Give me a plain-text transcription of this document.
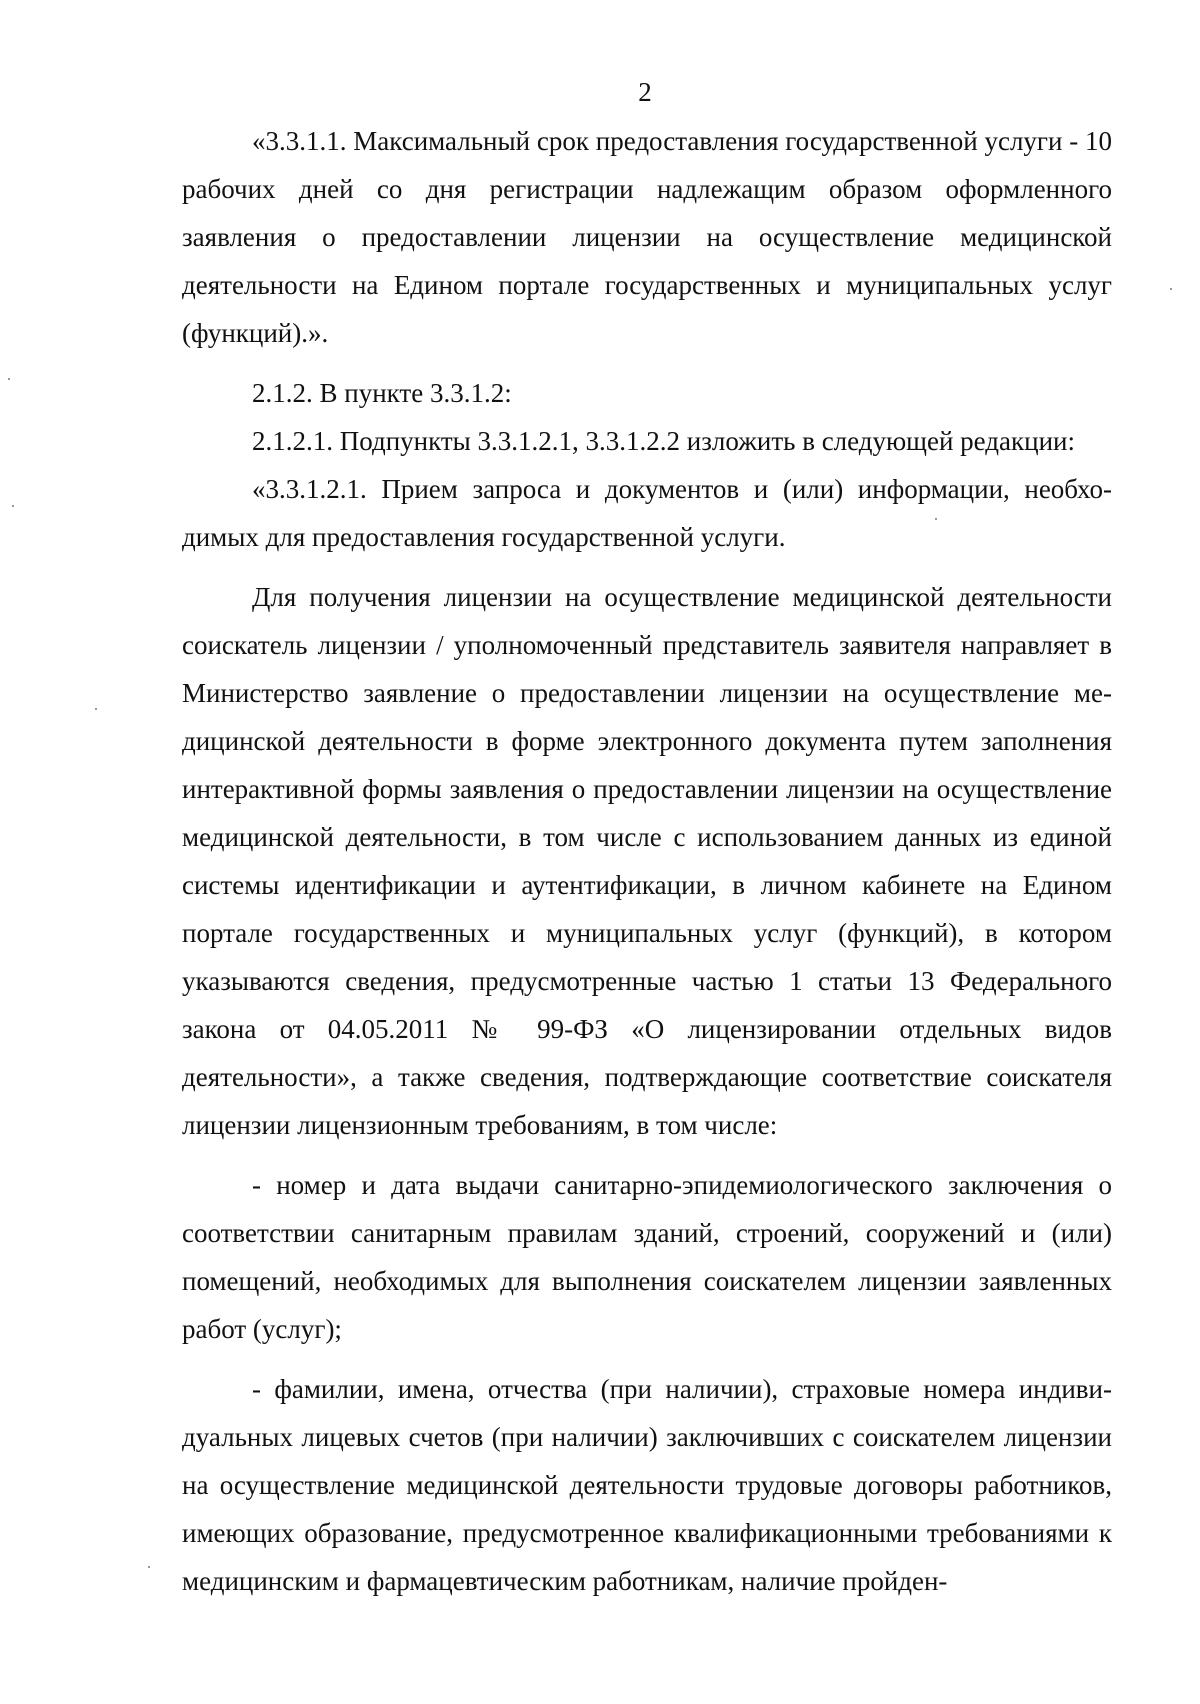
2

«3.3.1.1. Максимальный срок предоставления государственной услуги - 10 рабочих дней со дня регистрации надлежащим образом оформленного заявления о предоставлении лицензии на осуществление медицинской деятельности на Едином портале государственных и муниципальных услуг (функций).».

2.1.2. В пункте 3.3.1.2:

2.1.2.1. Подпункты 3.3.1.2.1, 3.3.1.2.2 изложить в следующей редакции:

«3.3.1.2.1. Прием запроса и документов и (или) информации, необходимых для предоставления государственной услуги.

Для получения лицензии на осуществление медицинской деятельности соискатель лицензии / уполномоченный представитель заявителя направляет в Министерство заявление о предоставлении лицензии на осуществление медицинской деятельности в форме электронного документа путем заполнения интерактивной формы заявления о предоставлении лицензии на осуществление медицинской деятельности, в том числе с использованием данных из единой системы идентификации и аутентификации, в личном кабинете на Едином портале государственных и муниципальных услуг (функций), в котором указываются сведения, предусмотренные частью 1 статьи 13 Федерального закона от 04.05.2011 № 99-ФЗ «О лицензировании отдельных видов деятельности», а также сведения, подтверждающие соответствие соискателя лицензии лицензионным требованиям, в том числе:

- номер и дата выдачи санитарно-эпидемиологического заключения о соответствии санитарным правилам зданий, строений, сооружений и (или) помещений, необходимых для выполнения соискателем лицензии заявленных работ (услуг);

- фамилии, имена, отчества (при наличии), страховые номера индивидуальных лицевых счетов (при наличии) заключивших с соискателем лицензии на осуществление медицинской деятельности трудовые договоры работников, имеющих образование, предусмотренное квалификационными требованиями к медицинским и фармацевтическим работникам, наличие пройден-
